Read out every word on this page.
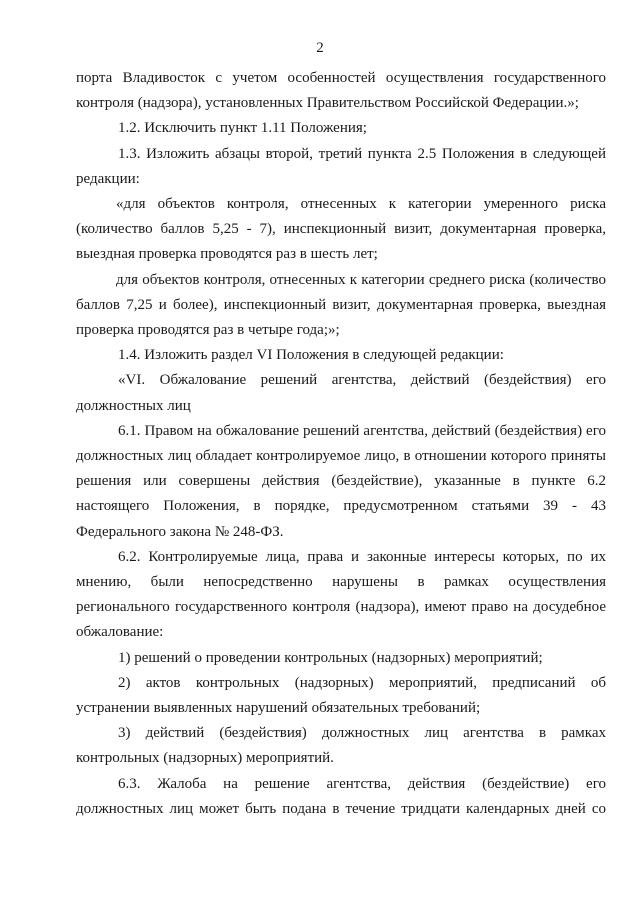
2

порта Владивосток с учетом особенностей осуществления государственного контроля (надзора), установленных Правительством Российской Федерации.»;

1.2. Исключить пункт 1.11 Положения;

1.3. Изложить абзацы второй, третий пункта 2.5 Положения в следующей редакции:

«для объектов контроля, отнесенных к категории умеренного риска (количество баллов 5,25 - 7), инспекционный визит, документарная проверка, выездная проверка проводятся раз в шесть лет;

для объектов контроля, отнесенных к категории среднего риска (количество баллов 7,25 и более), инспекционный визит, документарная проверка, выездная проверка проводятся раз в четыре года;»;

1.4. Изложить раздел VI Положения в следующей редакции:

«VI. Обжалование решений агентства, действий (бездействия) его должностных лиц

6.1. Правом на обжалование решений агентства, действий (бездействия) его должностных лиц обладает контролируемое лицо, в отношении которого приняты решения или совершены действия (бездействие), указанные в пункте 6.2 настоящего Положения, в порядке, предусмотренном статьями 39 - 43 Федерального закона № 248-ФЗ.

6.2. Контролируемые лица, права и законные интересы которых, по их мнению, были непосредственно нарушены в рамках осуществления регионального государственного контроля (надзора), имеют право на досудебное обжалование:

1) решений о проведении контрольных (надзорных) мероприятий;

2) актов контрольных (надзорных) мероприятий, предписаний об устранении выявленных нарушений обязательных требований;

3) действий (бездействия) должностных лиц агентства в рамках контрольных (надзорных) мероприятий.

6.3. Жалоба на решение агентства, действия (бездействие) его должностных лиц может быть подана в течение тридцати календарных дней со
